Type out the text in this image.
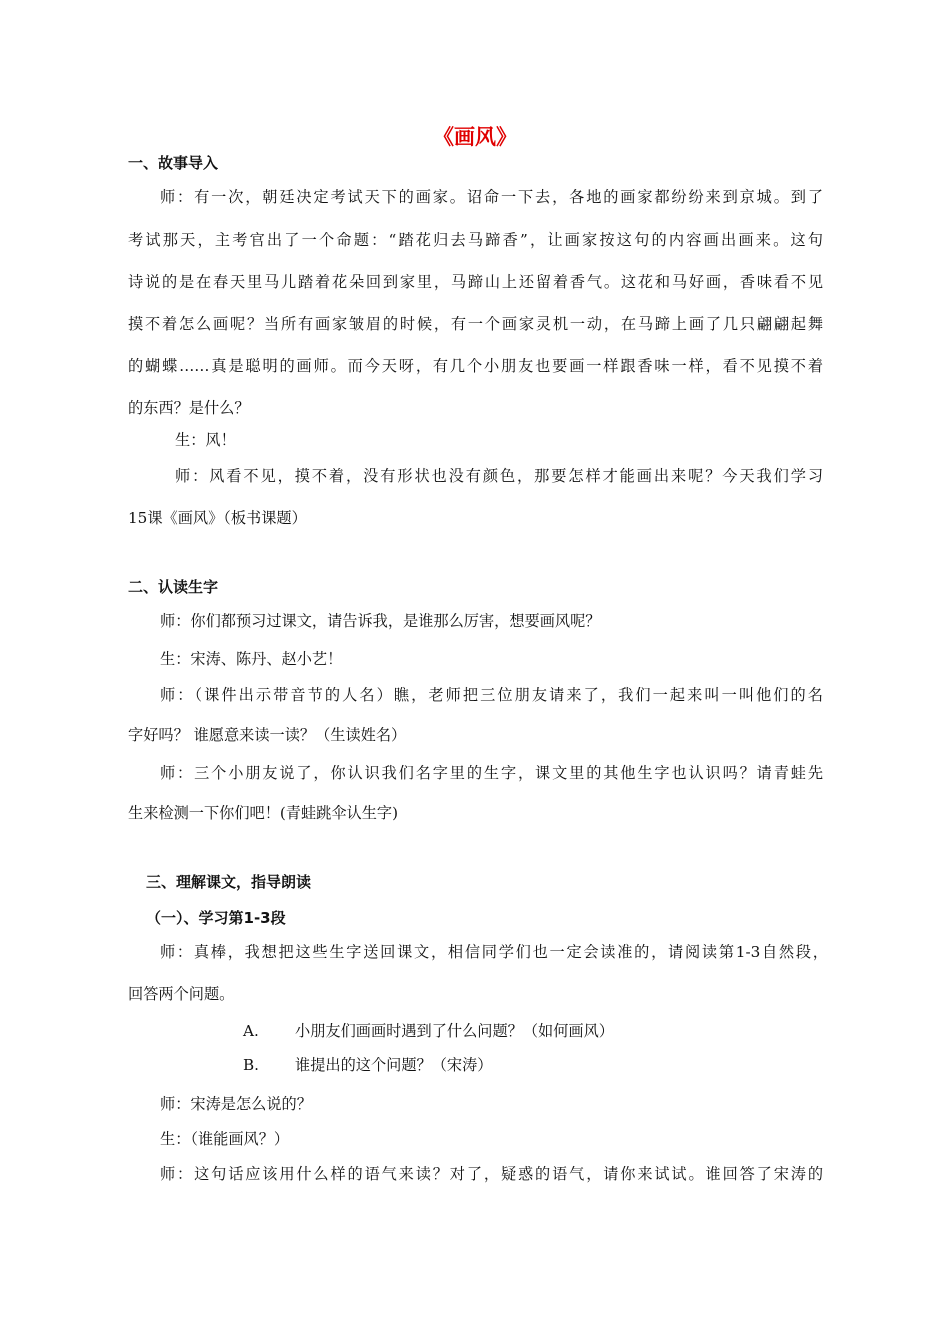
《画风》
一、故事导入
师：有一次，朝廷决定考试天下的画家。诏命一下去，各地的画家都纷纷来到京城。到了
考试那天，主考官出了一个命题：“踏花归去马蹄香”，让画家按这句的内容画出画来。这句
诗说的是在春天里马儿踏着花朵回到家里，马蹄山上还留着香气。这花和马好画，香味看不见
摸不着怎么画呢？当所有画家皱眉的时候，有一个画家灵机一动，在马蹄上画了几只翩翩起舞
的蝴蝶……真是聪明的画师。而今天呀，有几个小朋友也要画一样跟香味一样，看不见摸不着
的东西？是什么？
生：风！
师：风看不见，摸不着，没有形状也没有颜色，那要怎样才能画出来呢？今天我们学习
15课《画风》（板书课题）
二、认读生字
师：你们都预习过课文，请告诉我，是谁那么厉害，想要画风呢？
生：宋涛、陈丹、赵小艺！
师：（课件出示带音节的人名）瞧，老师把三位朋友请来了，我们一起来叫一叫他们的名
字好吗？ 谁愿意来读一读？（生读姓名）
师：三个小朋友说了，你认识我们名字里的生字，课文里的其他生字也认识吗？请青蛙先
生来检测一下你们吧！(青蛙跳伞认生字)
三、理解课文，指导朗读
（一）、学习第1-3段
师：真棒，我想把这些生字送回课文，相信同学们也一定会读准的，请阅读第1-3自然段，
回答两个问题。
A. 小朋友们画画时遇到了什么问题？（如何画风）
B. 谁提出的这个问题？（宋涛）
师：宋涛是怎么说的？
生：（谁能画风？）
师：这句话应该用什么样的语气来读？对了，疑惑的语气，请你来试试。谁回答了宋涛的
